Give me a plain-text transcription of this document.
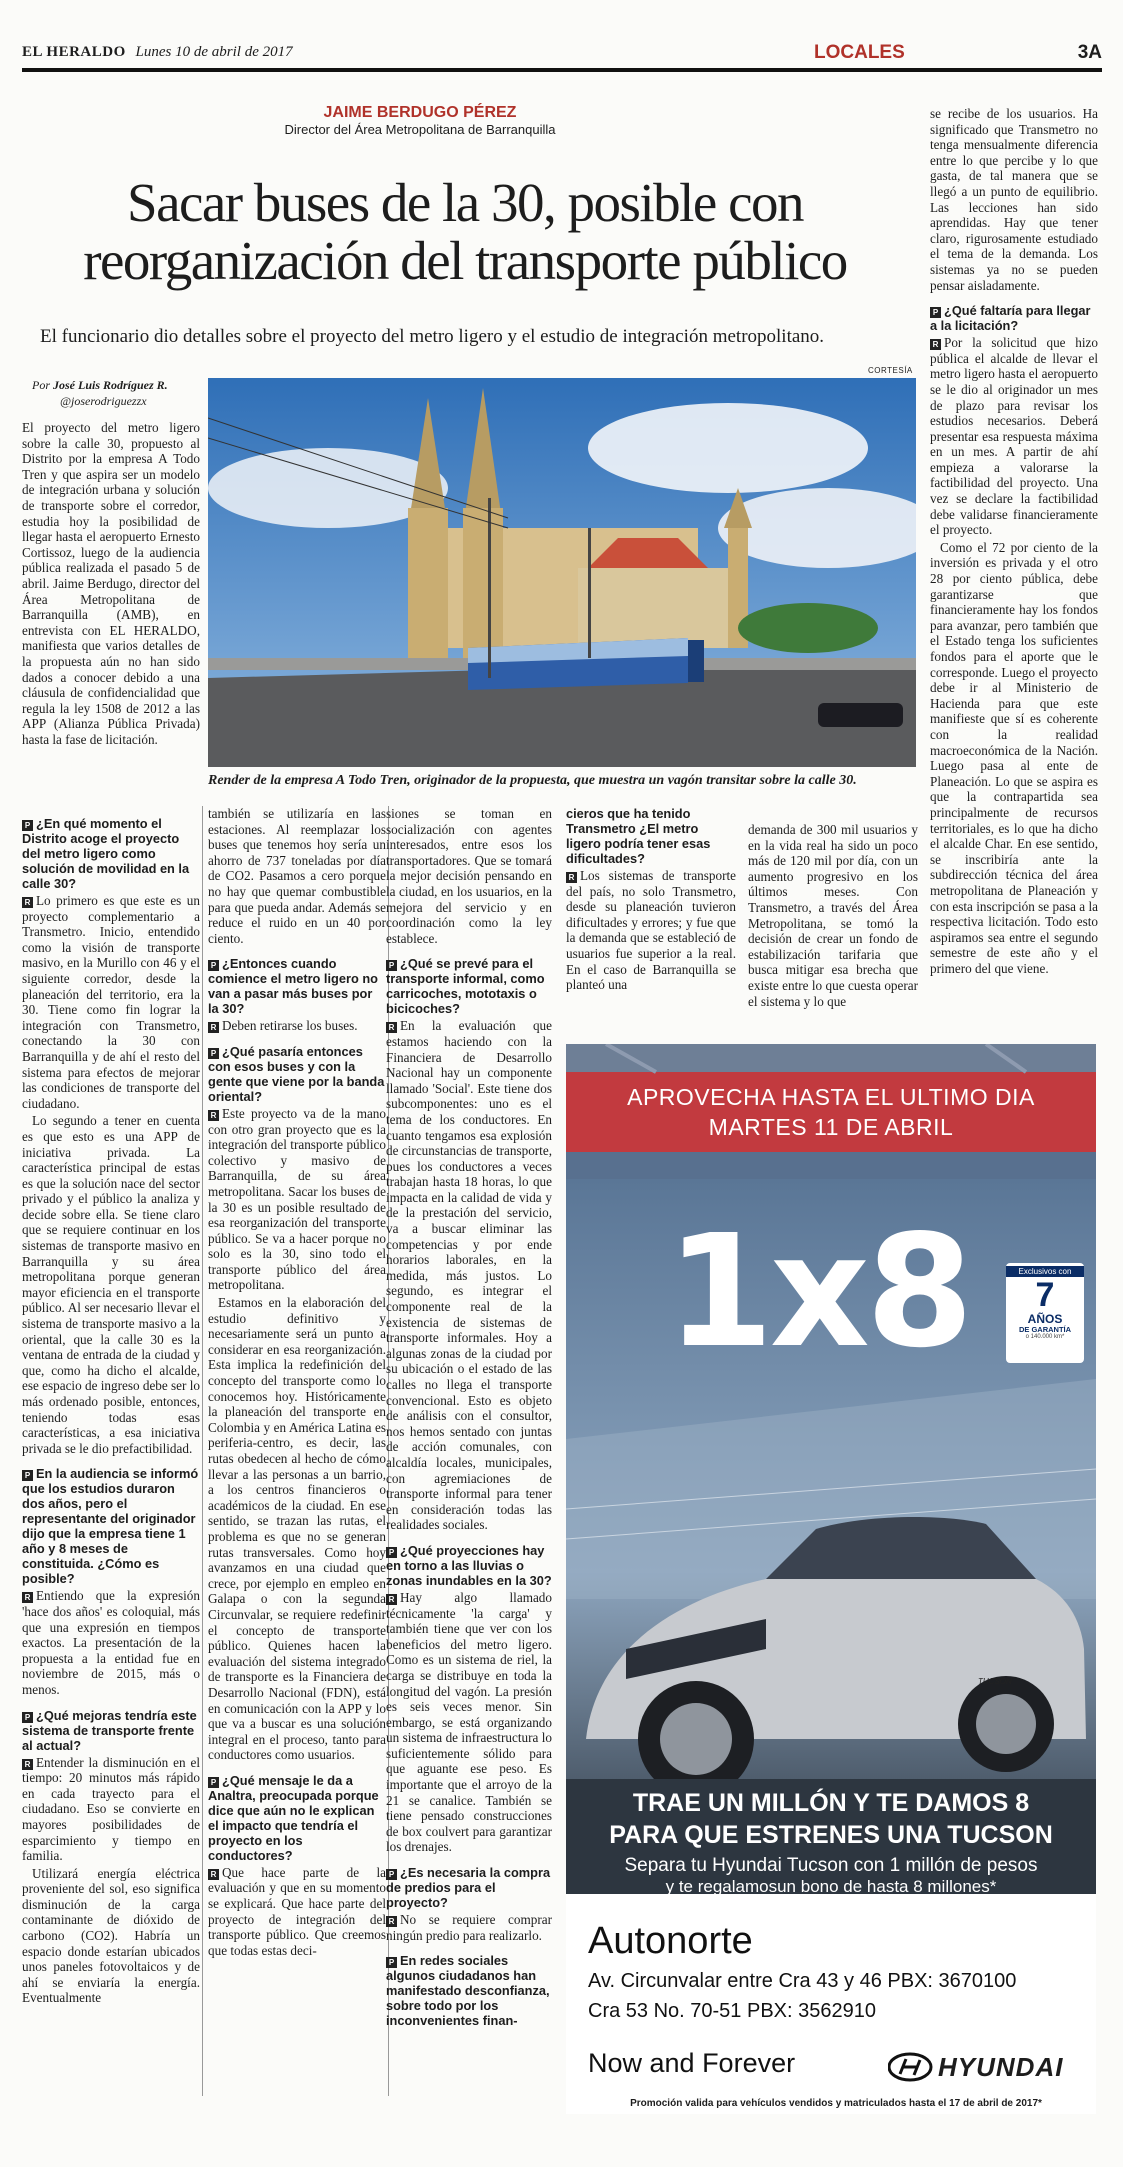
EL HERALDO Lunes 10 de abril de 2017	LOCALES	3A
JAIME BERDUGO PÉREZ
Director del Área Metropolitana de Barranquilla
Sacar buses de la 30, posible con
reorganización del transporte público
El funcionario dio detalles sobre el proyecto del metro ligero y el estudio de integración metropolitano.
Por José Luis Rodríguez R.
@joserodriguezzx
CORTESÍA
Render de la empresa A Todo Tren, originador de la propuesta, que muestra un vagón transitar sobre la calle 30.

El proyecto del metro ligero sobre la calle 30, propuesto al Distrito por la empresa A Todo Tren y que aspira ser un modelo de integración urbana y solución de transporte sobre el corredor, estudia hoy la posibilidad de llegar hasta el aeropuerto Ernesto Cortissoz, luego de la audiencia pública realizada el pasado 5 de abril. Jaime Berdugo, director del Área Metropolitana de Barranquilla (AMB), en entrevista con EL HERALDO, manifiesta que varios detalles de la propuesta aún no han sido dados a conocer debido a una cláusula de confidencialidad que regula la ley 1508 de 2012 a las APP (Alianza Pública Privada) hasta la fase de licitación.

P ¿En qué momento el Distrito acoge el proyecto del metro ligero como solución de movilidad en la calle 30?

R Lo primero es que este es un proyecto complementario a Transmetro. Inicio, entendido como la visión de transporte masivo, en la Murillo con 46 y el siguiente corredor, desde la planeación del territorio, era la 30. Tiene como fin lograr la integración con Transmetro, conectando la 30 con Barranquilla y de ahí el resto del sistema para efectos de mejorar las condiciones de transporte del ciudadano.

Lo segundo a tener en cuenta es que esto es una APP de iniciativa privada. La característica principal de estas es que la solución nace del sector privado y el público la analiza y decide sobre ella. Se tiene claro que se requiere continuar en los sistemas de transporte masivo en Barranquilla y su área metropolitana porque generan mayor eficiencia en el transporte público. Al ser necesario llevar el sistema de transporte masivo a la oriental, que la calle 30 es la ventana de entrada de la ciudad y que, como ha dicho el alcalde, ese espacio de ingreso debe ser lo más ordenado posible, entonces, teniendo todas esas características, a esa iniciativa privada se le dio prefactibilidad.

P En la audiencia se informó que los estudios duraron dos años, pero el representante del originador dijo que la empresa tiene 1 año y 8 meses de constituida. ¿Cómo es posible?

R Entiendo que la expresión 'hace dos años' es coloquial, más que una expresión en tiempos exactos. La presentación de la propuesta a la entidad fue en noviembre de 2015, más o menos.

P ¿Qué mejoras tendría este sistema de transporte frente al actual?

R Entender la disminución en el tiempo: 20 minutos más rápido en cada trayecto para el ciudadano. Eso se convierte en mayores posibilidades de esparcimiento y tiempo en familia.

Utilizará energía eléctrica proveniente del sol, eso significa disminución de la carga contaminante de dióxido de carbono (CO2). Habría un espacio donde estarían ubicados unos paneles fotovoltaicos y de ahí se enviaría la energía. Eventualmente

también se utilizaría en las estaciones. Al reemplazar los buses que tenemos hoy sería un ahorro de 737 toneladas por día de CO2. Pasamos a cero porque no hay que quemar combustible para que pueda andar. Además se reduce el ruido en un 40 por ciento.

P ¿Entonces cuando comience el metro ligero no van a pasar más buses por la 30?

R Deben retirarse los buses.

P ¿Qué pasaría entonces con esos buses y con la gente que viene por la banda oriental?

R Este proyecto va de la mano con otro gran proyecto que es la integración del transporte público colectivo y masivo de Barranquilla, de su área metropolitana. Sacar los buses de la 30 es un posible resultado de esa reorganización del transporte público. Se va a hacer porque no solo es la 30, sino todo el transporte público del área metropolitana.

Estamos en la elaboración del estudio definitivo y necesariamente será un punto a considerar en esa reorganización. Esta implica la redefinición del concepto del transporte como lo conocemos hoy. Históricamente la planeación del transporte en Colombia y en América Latina es periferia-centro, es decir, las rutas obedecen al hecho de cómo llevar a las personas a un barrio, a los centros financieros o académicos de la ciudad. En ese sentido, se trazan las rutas, el problema es que no se generan rutas transversales. Como hoy avanzamos en una ciudad que crece, por ejemplo en empleo en Galapa o con la segunda Circunvalar, se requiere redefinir el concepto de transporte público. Quienes hacen la evaluación del sistema integrado de transporte es la Financiera de Desarrollo Nacional (FDN), está en comunicación con la APP y lo que va a buscar es una solución integral en el proceso, tanto para conductores como usuarios.

P ¿Qué mensaje le da a Analtra, preocupada porque dice que aún no le explican el impacto que tendría el proyecto en los conductores?

R Que hace parte de la evaluación y que en su momento se explicará. Que hace parte del proyecto de integración del transporte público. Que creemos que todas estas deci-

siones se toman en socialización con agentes interesados, entre esos los transportadores. Que se tomará la mejor decisión pensando en la ciudad, en los usuarios, en la mejora del servicio y en coordinación como la ley establece.

P ¿Qué se prevé para el transporte informal, como carricoches, mototaxis o bicicoches?

R En la evaluación que estamos haciendo con la Financiera de Desarrollo Nacional hay un componente llamado 'Social'. Este tiene dos subcomponentes: uno es el tema de los conductores. En cuanto tengamos esa explosión de circunstancias de transporte, pues los conductores a veces trabajan hasta 18 horas, lo que impacta en la calidad de vida y de la prestación del servicio, va a buscar eliminar las competencias y por ende horarios laborales, en la medida, más justos. Lo segundo, es integrar el componente real de la existencia de sistemas de transporte informales. Hoy a algunas zonas de la ciudad por su ubicación o el estado de las calles no llega el transporte convencional. Esto es objeto de análisis con el consultor, nos hemos sentado con juntas de acción comunales, con alcaldía locales, municipales, con agremiaciones de transporte informal para tener en consideración todas las realidades sociales.

P ¿Qué proyecciones hay en torno a las lluvias o zonas inundables en la 30?

R Hay algo llamado técnicamente 'la carga' y también tiene que ver con los beneficios del metro ligero. Como es un sistema de riel, la carga se distribuye en toda la longitud del vagón. La presión es seis veces menor. Sin embargo, se está organizando un sistema de infraestructura lo suficientemente sólido para que aguante ese peso. Es importante que el arroyo de la 21 se canalice. También se tiene pensado construcciones de box coulvert para garantizar los drenajes.

P ¿Es necesaria la compra de predios para el proyecto?

R No se requiere comprar ningún predio para realizarlo.

P En redes sociales algunos ciudadanos han manifestado desconfianza, sobre todo por los inconvenientes finan-
cieros que ha tenido Transmetro ¿El metro ligero podría tener esas dificultades?

R Los sistemas de transporte del país, no solo Transmetro, desde su planeación tuvieron dificultades y errores; y fue que la demanda que se estableció de usuarios fue superior a la real. En el caso de Barranquilla se planteó una

demanda de 300 mil usuarios y en la vida real ha sido un poco más de 120 mil por día, con un aumento progresivo en los últimos meses. Con Transmetro, a través del Área Metropolitana, se tomó la decisión de crear un fondo de estabilización tarifaria que busca mitigar esa brecha que existe entre lo que cuesta operar el sistema y lo que

se recibe de los usuarios. Ha significado que Transmetro no tenga mensualmente diferencia entre lo que percibe y lo que gasta, de tal manera que se llegó a un punto de equilibrio. Las lecciones han sido aprendidas. Hay que tener claro, rigurosamente estudiado el tema de la demanda. Los sistemas ya no se pueden pensar aisladamente.

P ¿Qué faltaría para llegar a la licitación?

R Por la solicitud que hizo pública el alcalde de llevar el metro ligero hasta el aeropuerto se le dio al originador un mes de plazo para revisar los estudios necesarios. Deberá presentar esa respuesta máxima en un mes. A partir de ahí empieza a valorarse la factibilidad del proyecto. Una vez se declare la factibilidad debe validarse financieramente el proyecto.

Como el 72 por ciento de la inversión es privada y el otro 28 por ciento pública, debe garantizarse que financieramente hay los fondos para avanzar, pero también que el Estado tenga los suficientes fondos para el aporte que le corresponde. Luego el proyecto debe ir al Ministerio de Hacienda para que este manifieste que sí es coherente con la realidad macroeconómica de la Nación. Luego pasa al ente de Planeación. Lo que se aspira es que la contrapartida sea principalmente de recursos territoriales, es lo que ha dicho el alcalde Char. En ese sentido, se inscribiría ante la subdirección técnica del área metropolitana de Planeación y con esta inscripción se pasa a la respectiva licitación. Todo esto aspiramos sea entre el segundo semestre de este año y el primero del que viene.

APROVECHA HASTA EL ULTIMO DIA
MARTES 11 DE ABRIL
1x8	Exclusivos con
7
AÑOS
DE GARANTÍA
o 140.000 km*
TUCSON
TRAE UN MILLÓN Y TE DAMOS 8
PARA QUE ESTRENES UNA TUCSON
Separa tu Hyundai Tucson con 1 millón de pesos
y te regalamosun bono de hasta 8 millones*
Autonorte
Av. Circunvalar entre Cra 43 y 46 PBX: 3670100
Cra 53 No. 70-51 PBX: 3562910
Now and Forever	HYUNDAI
Promoción valida para vehículos vendidos y matriculados hasta el 17 de abril de 2017*
